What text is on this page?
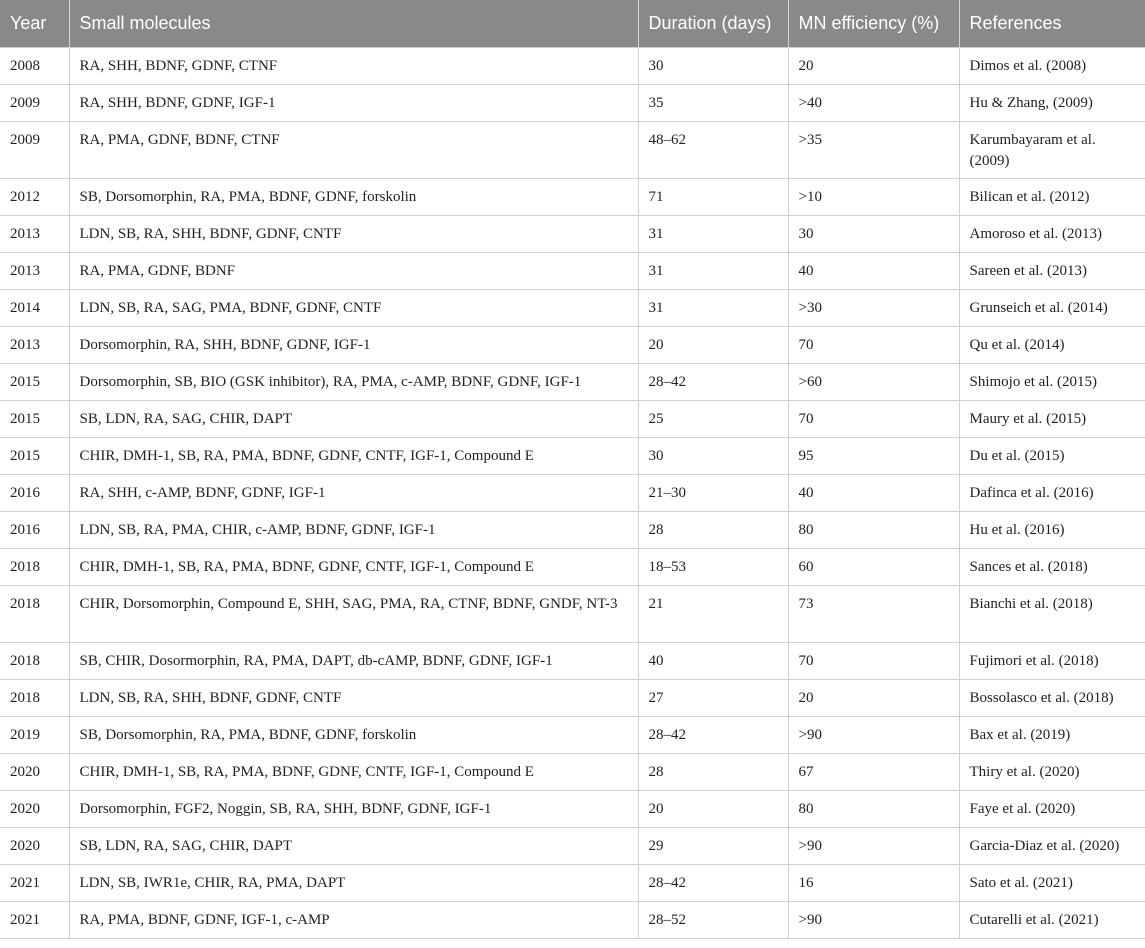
Year	Small molecules	Duration (days)	MN efficiency (%)	References
2008	RA, SHH, BDNF, GDNF, CTNF	30	20	Dimos et al. (2008)
2009	RA, SHH, BDNF, GDNF, IGF-1	35	>40	Hu & Zhang, (2009)
2009	RA, PMA, GDNF, BDNF, CTNF	48–62	>35	Karumbayaram et al. (2009)
2012	SB, Dorsomorphin, RA, PMA, BDNF, GDNF, forskolin	71	>10	Bilican et al. (2012)
2013	LDN, SB, RA, SHH, BDNF, GDNF, CNTF	31	30	Amoroso et al. (2013)
2013	RA, PMA, GDNF, BDNF	31	40	Sareen et al. (2013)
2014	LDN, SB, RA, SAG, PMA, BDNF, GDNF, CNTF	31	>30	Grunseich et al. (2014)
2013	Dorsomorphin, RA, SHH, BDNF, GDNF, IGF-1	20	70	Qu et al. (2014)
2015	Dorsomorphin, SB, BIO (GSK inhibitor), RA, PMA, c-AMP, BDNF, GDNF, IGF-1	28–42	>60	Shimojo et al. (2015)
2015	SB, LDN, RA, SAG, CHIR, DAPT	25	70	Maury et al. (2015)
2015	CHIR, DMH-1, SB, RA, PMA, BDNF, GDNF, CNTF, IGF-1, Compound E	30	95	Du et al. (2015)
2016	RA, SHH, c-AMP, BDNF, GDNF, IGF-1	21–30	40	Dafinca et al. (2016)
2016	LDN, SB, RA, PMA, CHIR, c-AMP, BDNF, GDNF, IGF-1	28	80	Hu et al. (2016)
2018	CHIR, DMH-1, SB, RA, PMA, BDNF, GDNF, CNTF, IGF-1, Compound E	18–53	60	Sances et al. (2018)
2018	CHIR, Dorsomorphin, Compound E, SHH, SAG, PMA, RA, CTNF, BDNF, GNDF, NT-3	21	73	Bianchi et al. (2018)
2018	SB, CHIR, Dosormorphin, RA, PMA, DAPT, db-cAMP, BDNF, GDNF, IGF-1	40	70	Fujimori et al. (2018)
2018	LDN, SB, RA, SHH, BDNF, GDNF, CNTF	27	20	Bossolasco et al. (2018)
2019	SB, Dorsomorphin, RA, PMA, BDNF, GDNF, forskolin	28–42	>90	Bax et al. (2019)
2020	CHIR, DMH-1, SB, RA, PMA, BDNF, GDNF, CNTF, IGF-1, Compound E	28	67	Thiry et al. (2020)
2020	Dorsomorphin, FGF2, Noggin, SB, RA, SHH, BDNF, GDNF, IGF-1	20	80	Faye et al. (2020)
2020	SB, LDN, RA, SAG, CHIR, DAPT	29	>90	Garcia-Diaz et al. (2020)
2021	LDN, SB, IWR1e, CHIR, RA, PMA, DAPT	28–42	16	Sato et al. (2021)
2021	RA, PMA, BDNF, GDNF, IGF-1, c-AMP	28–52	>90	Cutarelli et al. (2021)
